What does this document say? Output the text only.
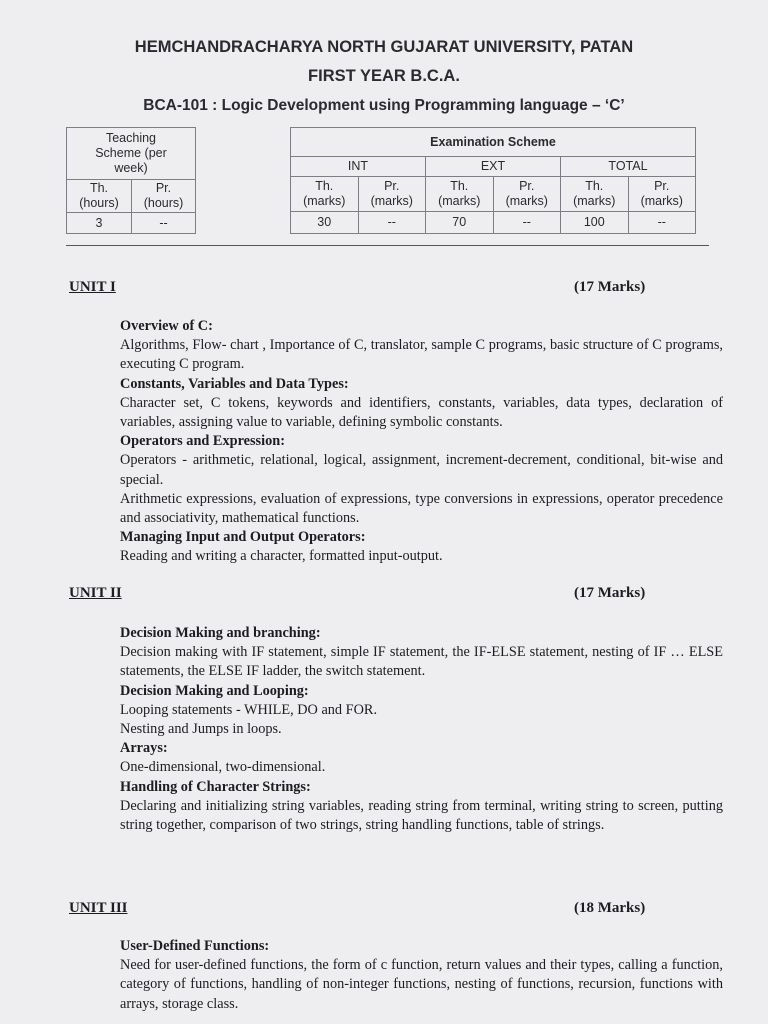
HEMCHANDRACHARYA NORTH GUJARAT UNIVERSITY, PATAN
FIRST YEAR B.C.A.
BCA-101 : Logic Development using Programming language – ‘C’
Teaching Scheme (per week)	

Th. (hours)	Pr. (hours)

3	--
Examination Scheme					
INT		EXT		TOTAL	

Th. (marks)	Pr. (marks)	Th. (marks)	Pr. (marks)	Th. (marks)	Pr. (marks)

30	--	70	--	100	--
UNIT I	(17 Marks)

Overview of C:

Algorithms, Flow- chart , Importance of C, translator, sample C programs, basic structure of C programs, executing C program.

Constants, Variables and Data Types:

Character set, C tokens, keywords and identifiers, constants, variables, data types, declaration of variables, assigning value to variable, defining symbolic constants.

Operators and Expression:

Operators - arithmetic, relational, logical, assignment, increment-decrement, conditional, bit-wise and special.

Arithmetic expressions, evaluation of expressions, type conversions in expressions, operator precedence and associativity, mathematical functions.

Managing Input and Output Operators:

Reading and writing a character, formatted input-output.

UNIT II	(17 Marks)

Decision Making and branching:

Decision making with IF statement, simple IF statement, the IF-ELSE statement, nesting of IF … ELSE statements, the ELSE IF ladder, the switch statement.

Decision Making and Looping:

Looping statements - WHILE, DO and FOR.

Nesting and Jumps in loops.

Arrays:

One-dimensional, two-dimensional.

Handling of Character Strings:

Declaring and initializing string variables, reading string from terminal, writing string to screen, putting string together, comparison of two strings, string handling functions, table of strings.

UNIT III	(18 Marks)

User-Defined Functions:

Need for user-defined functions, the form of c function, return values and their types, calling a function, category of functions, handling of non-integer functions, nesting of functions, recursion, functions with arrays, storage class.
